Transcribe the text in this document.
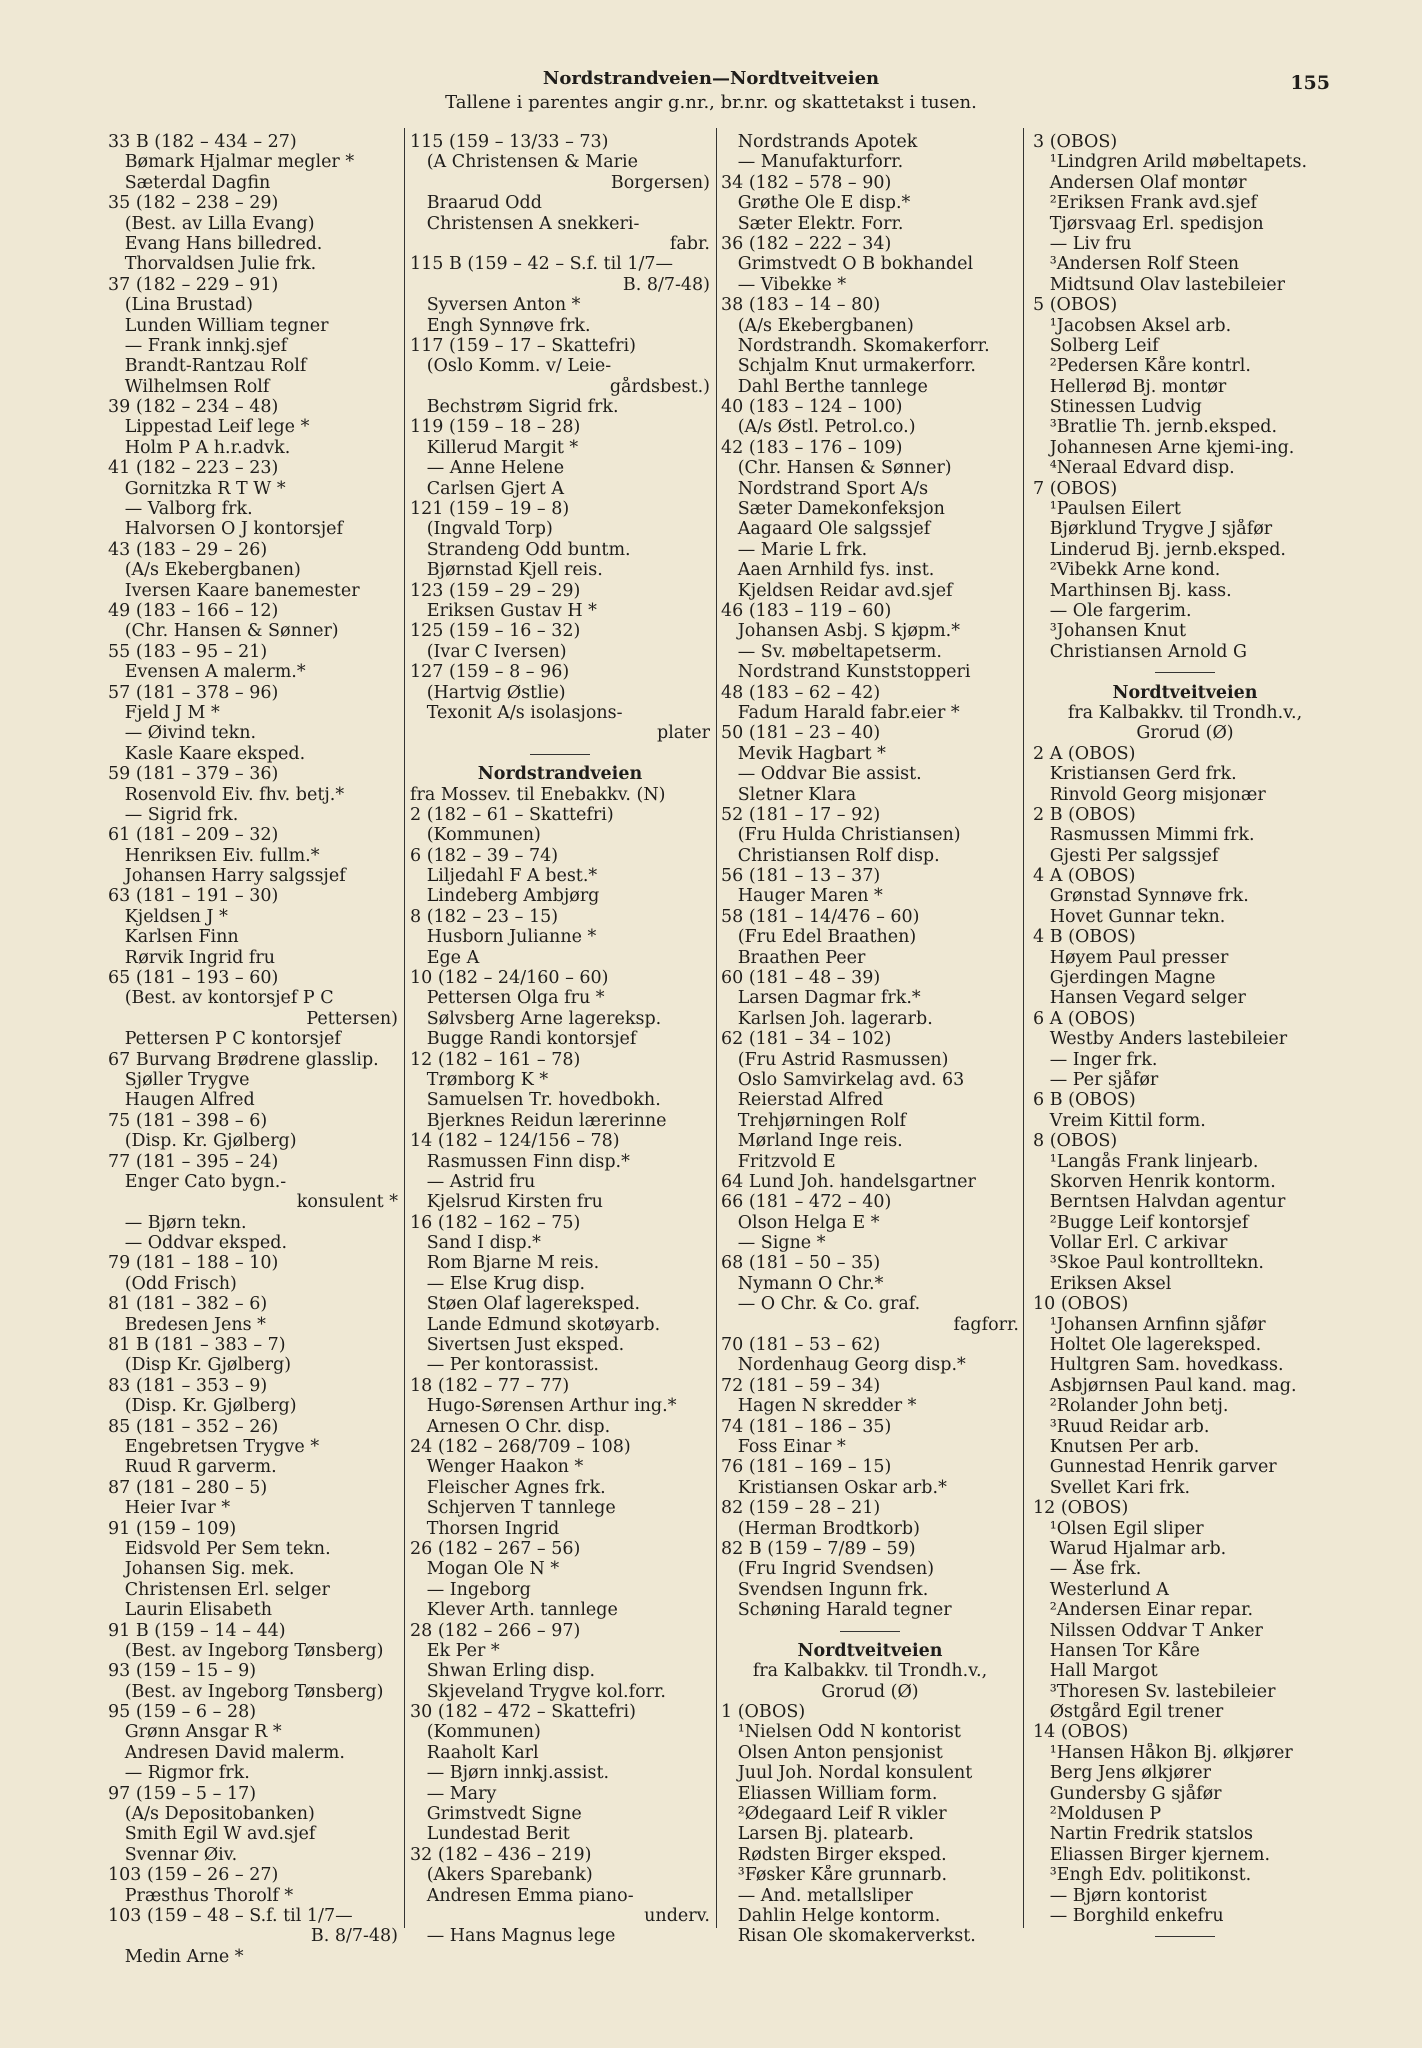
Nordstrandveien—Nordtveitveien
Tallene i parentes angir g.nr., br.nr. og skattetakst i tusen.
155
33 B (182 – 434 – 27)
Bømark Hjalmar megler *
Sæterdal Dagfin
35 (182 – 238 – 29)
(Best. av Lilla Evang)
Evang Hans billedred.
Thorvaldsen Julie frk.
37 (182 – 229 – 91)
(Lina Brustad)
Lunden William tegner
— Frank innkj.sjef
Brandt-Rantzau Rolf
Wilhelmsen Rolf
39 (182 – 234 – 48)
Lippestad Leif lege *
Holm P A h.r.advk.
41 (182 – 223 – 23)
Gornitzka R T W *
— Valborg frk.
Halvorsen O J kontorsjef
43 (183 – 29 – 26)
(A/s Ekebergbanen)
Iversen Kaare banemester
49 (183 – 166 – 12)
(Chr. Hansen & Sønner)
55 (183 – 95 – 21)
Evensen A malerm.*
57 (181 – 378 – 96)
Fjeld J M *
— Øivind tekn.
Kasle Kaare eksped.
59 (181 – 379 – 36)
Rosenvold Eiv. fhv. betj.*
— Sigrid frk.
61 (181 – 209 – 32)
Henriksen Eiv. fullm.*
Johansen Harry salgssjef
63 (181 – 191 – 30)
Kjeldsen J *
Karlsen Finn
Rørvik Ingrid fru
65 (181 – 193 – 60)
(Best. av kontorsjef P C
Pettersen)
Pettersen P C kontorsjef
67 Burvang Brødrene glasslip.
Sjøller Trygve
Haugen Alfred
75 (181 – 398 – 6)
(Disp. Kr. Gjølberg)
77 (181 – 395 – 24)
Enger Cato bygn.-
konsulent *
— Bjørn tekn.
— Oddvar eksped.
79 (181 – 188 – 10)
(Odd Frisch)
81 (181 – 382 – 6)
Bredesen Jens *
81 B (181 – 383 – 7)
(Disp Kr. Gjølberg)
83 (181 – 353 – 9)
(Disp. Kr. Gjølberg)
85 (181 – 352 – 26)
Engebretsen Trygve *
Ruud R garverm.
87 (181 – 280 – 5)
Heier Ivar *
91 (159 – 109)
Eidsvold Per Sem tekn.
Johansen Sig. mek.
Christensen Erl. selger
Laurin Elisabeth
91 B (159 – 14 – 44)
(Best. av Ingeborg Tønsberg)
93 (159 – 15 – 9)
(Best. av Ingeborg Tønsberg)
95 (159 – 6 – 28)
Grønn Ansgar R *
Andresen David malerm.
— Rigmor frk.
97 (159 – 5 – 17)
(A/s Depositobanken)
Smith Egil W avd.sjef
Svennar Øiv.
103 (159 – 26 – 27)
Præsthus Thorolf *
103 (159 – 48 – S.f. til 1/7—
B. 8/7-48)
Medin Arne *
115 (159 – 13/33 – 73)
(A Christensen & Marie
Borgersen)
Braarud Odd
Christensen A snekkeri-
fabr.
115 B (159 – 42 – S.f. til 1/7—
B. 8/7-48)
Syversen Anton *
Engh Synnøve frk.
117 (159 – 17 – Skattefri)
(Oslo Komm. v/ Leie-
gårdsbest.)
Bechstrøm Sigrid frk.
119 (159 – 18 – 28)
Killerud Margit *
— Anne Helene
Carlsen Gjert A
121 (159 – 19 – 8)
(Ingvald Torp)
Strandeng Odd buntm.
Bjørnstad Kjell reis.
123 (159 – 29 – 29)
Eriksen Gustav H *
125 (159 – 16 – 32)
(Ivar C Iversen)
127 (159 – 8 – 96)
(Hartvig Østlie)
Texonit A/s isolasjons-
plater
Nordstrandveien
fra Mossev. til Enebakkv. (N)
2 (182 – 61 – Skattefri)
(Kommunen)
6 (182 – 39 – 74)
Liljedahl F A best.*
Lindeberg Ambjørg
8 (182 – 23 – 15)
Husborn Julianne *
Ege A
10 (182 – 24/160 – 60)
Pettersen Olga fru *
Sølvsberg Arne lagereksp.
Bugge Randi kontorsjef
12 (182 – 161 – 78)
Trømborg K *
Samuelsen Tr. hovedbokh.
Bjerknes Reidun lærerinne
14 (182 – 124/156 – 78)
Rasmussen Finn disp.*
— Astrid fru
Kjelsrud Kirsten fru
16 (182 – 162 – 75)
Sand I disp.*
Rom Bjarne M reis.
— Else Krug disp.
Støen Olaf lagereksped.
Lande Edmund skotøyarb.
Sivertsen Just eksped.
— Per kontorassist.
18 (182 – 77 – 77)
Hugo-Sørensen Arthur ing.*
Arnesen O Chr. disp.
24 (182 – 268/709 – 108)
Wenger Haakon *
Fleischer Agnes frk.
Schjerven T tannlege
Thorsen Ingrid
26 (182 – 267 – 56)
Mogan Ole N *
— Ingeborg
Klever Arth. tannlege
28 (182 – 266 – 97)
Ek Per *
Shwan Erling disp.
Skjeveland Trygve kol.forr.
30 (182 – 472 – Skattefri)
(Kommunen)
Raaholt Karl
— Bjørn innkj.assist.
— Mary
Grimstvedt Signe
Lundestad Berit
32 (182 – 436 – 219)
(Akers Sparebank)
Andresen Emma piano-
underv.
— Hans Magnus lege
Nordstrands Apotek
— Manufakturforr.
34 (182 – 578 – 90)
Grøthe Ole E disp.*
Sæter Elektr. Forr.
36 (182 – 222 – 34)
Grimstvedt O B bokhandel
— Vibekke *
38 (183 – 14 – 80)
(A/s Ekebergbanen)
Nordstrandh. Skomakerforr.
Schjalm Knut urmakerforr.
Dahl Berthe tannlege
40 (183 – 124 – 100)
(A/s Østl. Petrol.co.)
42 (183 – 176 – 109)
(Chr. Hansen & Sønner)
Nordstrand Sport A/s
Sæter Damekonfeksjon
Aagaard Ole salgssjef
— Marie L frk.
Aaen Arnhild fys. inst.
Kjeldsen Reidar avd.sjef
46 (183 – 119 – 60)
Johansen Asbj. S kjøpm.*
— Sv. møbeltapetserm.
Nordstrand Kunststopperi
48 (183 – 62 – 42)
Fadum Harald fabr.eier *
50 (181 – 23 – 40)
Mevik Hagbart *
— Oddvar Bie assist.
Sletner Klara
52 (181 – 17 – 92)
(Fru Hulda Christiansen)
Christiansen Rolf disp.
56 (181 – 13 – 37)
Hauger Maren *
58 (181 – 14/476 – 60)
(Fru Edel Braathen)
Braathen Peer
60 (181 – 48 – 39)
Larsen Dagmar frk.*
Karlsen Joh. lagerarb.
62 (181 – 34 – 102)
(Fru Astrid Rasmussen)
Oslo Samvirkelag avd. 63
Reierstad Alfred
Trehjørningen Rolf
Mørland Inge reis.
Fritzvold E
64 Lund Joh. handelsgartner
66 (181 – 472 – 40)
Olson Helga E *
— Signe *
68 (181 – 50 – 35)
Nymann O Chr.*
— O Chr. & Co. graf.
fagforr.
70 (181 – 53 – 62)
Nordenhaug Georg disp.*
72 (181 – 59 – 34)
Hagen N skredder *
74 (181 – 186 – 35)
Foss Einar *
76 (181 – 169 – 15)
Kristiansen Oskar arb.*
82 (159 – 28 – 21)
(Herman Brodtkorb)
82 B (159 – 7/89 – 59)
(Fru Ingrid Svendsen)
Svendsen Ingunn frk.
Schøning Harald tegner
Nordtveitveien
fra Kalbakkv. til Trondh.v.,
Grorud (Ø)
1 (OBOS)
¹Nielsen Odd N kontorist
Olsen Anton pensjonist
Juul Joh. Nordal konsulent
Eliassen William form.
²Ødegaard Leif R vikler
Larsen Bj. platearb.
Rødsten Birger eksped.
³Føsker Kåre grunnarb.
— And. metallsliper
Dahlin Helge kontorm.
Risan Ole skomakerverkst.
3 (OBOS)
¹Lindgren Arild møbeltapets.
Andersen Olaf montør
²Eriksen Frank avd.sjef
Tjørsvaag Erl. spedisjon
— Liv fru
³Andersen Rolf Steen
Midtsund Olav lastebileier
5 (OBOS)
¹Jacobsen Aksel arb.
Solberg Leif
²Pedersen Kåre kontrl.
Hellerød Bj. montør
Stinessen Ludvig
³Bratlie Th. jernb.eksped.
Johannesen Arne kjemi-ing.
⁴Neraal Edvard disp.
7 (OBOS)
¹Paulsen Eilert
Bjørklund Trygve J sjåfør
Linderud Bj. jernb.eksped.
²Vibekk Arne kond.
Marthinsen Bj. kass.
— Ole fargerim.
³Johansen Knut
Christiansen Arnold G
Nordtveitveien
fra Kalbakkv. til Trondh.v.,
Grorud (Ø)
2 A (OBOS)
Kristiansen Gerd frk.
Rinvold Georg misjonær
2 B (OBOS)
Rasmussen Mimmi frk.
Gjesti Per salgssjef
4 A (OBOS)
Grønstad Synnøve frk.
Hovet Gunnar tekn.
4 B (OBOS)
Høyem Paul presser
Gjerdingen Magne
Hansen Vegard selger
6 A (OBOS)
Westby Anders lastebileier
— Inger frk.
— Per sjåfør
6 B (OBOS)
Vreim Kittil form.
8 (OBOS)
¹Langås Frank linjearb.
Skorven Henrik kontorm.
Berntsen Halvdan agentur
²Bugge Leif kontorsjef
Vollar Erl. C arkivar
³Skoe Paul kontrolltekn.
Eriksen Aksel
10 (OBOS)
¹Johansen Arnfinn sjåfør
Holtet Ole lagereksped.
Hultgren Sam. hovedkass.
Asbjørnsen Paul kand. mag.
²Rolander John betj.
³Ruud Reidar arb.
Knutsen Per arb.
Gunnestad Henrik garver
Svellet Kari frk.
12 (OBOS)
¹Olsen Egil sliper
Warud Hjalmar arb.
— Åse frk.
Westerlund A
²Andersen Einar repar.
Nilssen Oddvar T Anker
Hansen Tor Kåre
Hall Margot
³Thoresen Sv. lastebileier
Østgård Egil trener
14 (OBOS)
¹Hansen Håkon Bj. ølkjører
Berg Jens ølkjører
Gundersby G sjåfør
²Moldusen P
Nartin Fredrik statslos
Eliassen Birger kjernem.
³Engh Edv. politikonst.
— Bjørn kontorist
— Borghild enkefru
